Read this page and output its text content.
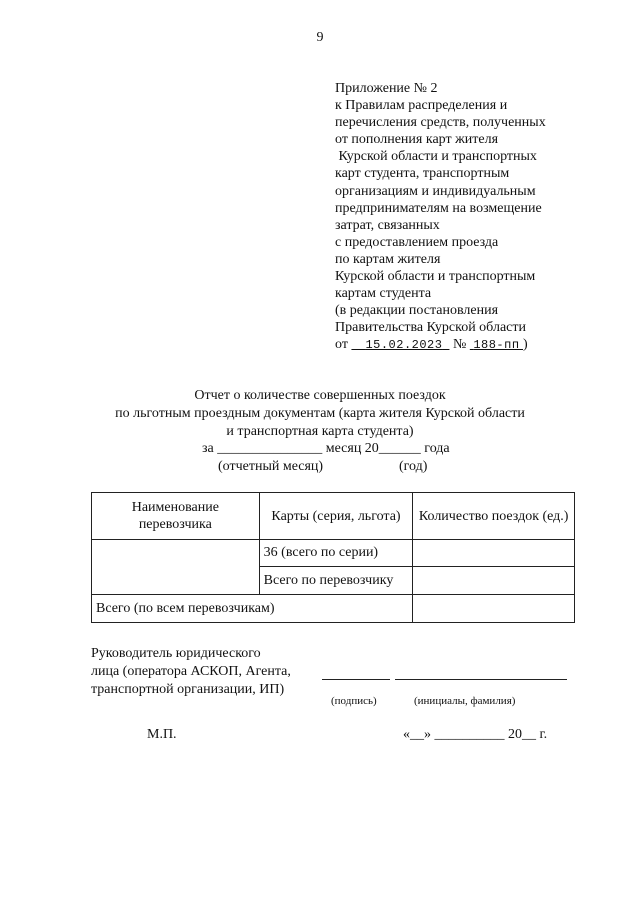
9
Приложение № 2
к Правилам распределения и
перечисления средств, полученных
от пополнения карт жителя
Курской области и транспортных
карт студента, транспортным
организациям и индивидуальным
предпринимателям на возмещение
затрат, связанных
с предоставлением проезда
по картам жителя
Курской области и транспортным
картам студента
(в редакции постановления
Правительства Курской области
от 15.02.2023 № 188-пп )
Отчет о количестве совершенных поездок
по льготным проездным документам (карта жителя Курской области
и транспортная карта студента)
за _______________ месяц 20______ года
(отчетный месяц)	(год)
Наименование перевозчика	Карты (серия, льгота)	Количество поездок (ед.)
	36 (всего по серии)	
	Всего по перевозчику	
Всего (по всем перевозчикам)		
Руководитель юридического
лица (оператора АСКОП, Агента,
транспортной организации, ИП)
(подпись)	(инициалы, фамилия)
М.П.	«__» __________ 20__ г.
